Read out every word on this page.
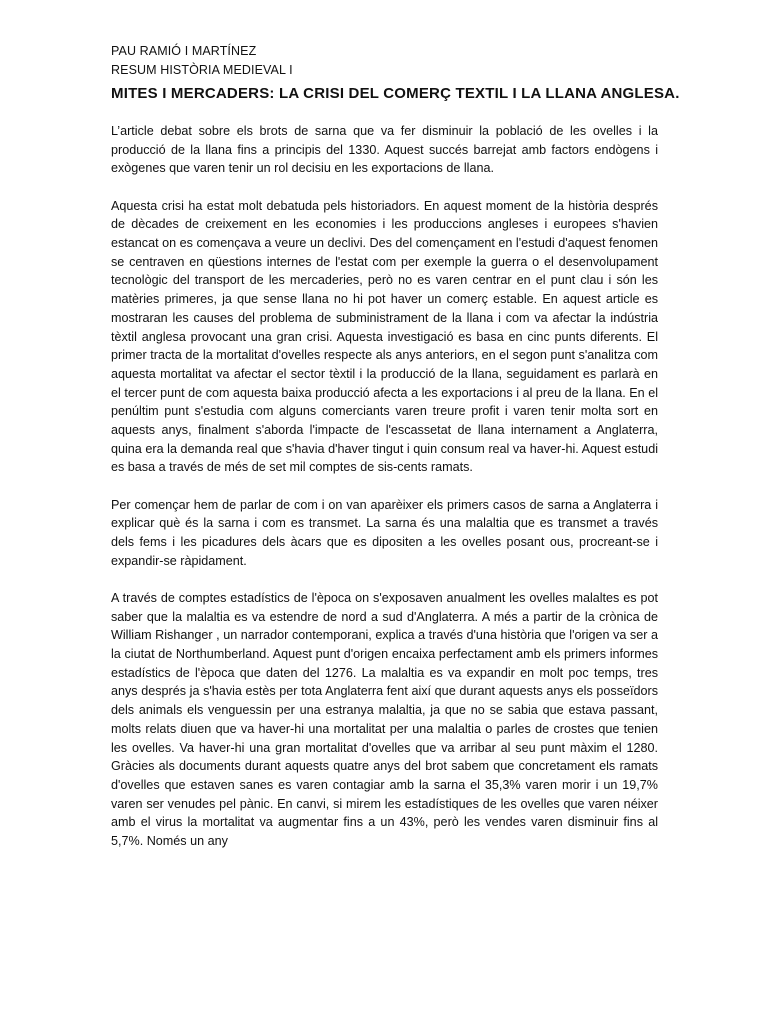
PAU RAMIÓ I MARTÍNEZ

RESUM HISTÒRIA MEDIEVAL I

MITES I MERCADERS: LA CRISI DEL COMERÇ TEXTIL I LA LLANA ANGLESA.

L’article debat sobre els brots de sarna que va fer disminuir la població de les ovelles i la producció de la llana fins a principis del 1330. Aquest succés barrejat amb factors endògens i exògenes que varen tenir un rol decisiu en les exportacions de llana.

Aquesta crisi ha estat molt debatuda pels historiadors. En aquest moment de la història després de dècades de creixement en les economies i les produccions angleses i europees s'havien estancat on es començava a veure un declivi. Des del començament en l'estudi d'aquest fenomen se centraven en qüestions internes de l'estat com per exemple la guerra o el desenvolupament tecnològic del transport de les mercaderies, però no es varen centrar en el punt clau i són les matèries primeres, ja que sense llana no hi pot haver un comerç estable. En aquest article es mostraran les causes del problema de subministrament de la llana i com va afectar la indústria tèxtil anglesa provocant una gran crisi. Aquesta investigació es basa en cinc punts diferents. El primer tracta de la mortalitat d'ovelles respecte als anys anteriors, en el segon punt s'analitza com aquesta mortalitat va afectar el sector tèxtil i la producció de la llana, seguidament es parlarà en el tercer punt de com aquesta baixa producció afecta a les exportacions i al preu de la llana. En el penúltim punt s'estudia com alguns comerciants varen treure profit i varen tenir molta sort en aquests anys, finalment s'aborda l'impacte de l'escassetat de llana internament a Anglaterra, quina era la demanda real que s'havia d'haver tingut i quin consum real va haver-hi. Aquest estudi es basa a través de més de set mil comptes de sis-cents ramats.

Per començar hem de parlar de com i on van aparèixer els primers casos de sarna a Anglaterra i explicar què és la sarna i com es transmet. La sarna és una malaltia que es transmet a través dels fems i les picadures dels àcars que es dipositen a les ovelles posant ous, procreant-se i expandir-se ràpidament.

A través de comptes estadístics de l'època on s'exposaven anualment les ovelles malaltes es pot saber que la malaltia es va estendre de nord a sud d'Anglaterra. A més a partir de la crònica de William Rishanger , un narrador contemporani, explica a través d'una història que l'origen va ser a la ciutat de Northumberland. Aquest punt d'origen encaixa perfectament amb els primers informes estadístics de l'època que daten del 1276. La malaltia es va expandir en molt poc temps, tres anys després ja s'havia estès per tota Anglaterra fent així que durant aquests anys els posseïdors dels animals els venguessin per una estranya malaltia, ja que no se sabia que estava passant, molts relats diuen que va haver-hi una mortalitat per una malaltia o parles de crostes que tenien les ovelles. Va haver-hi una gran mortalitat d'ovelles que va arribar al seu punt màxim el 1280. Gràcies als documents durant aquests quatre anys del brot sabem que concretament els ramats d'ovelles que estaven sanes es varen contagiar amb la sarna el 35,3% varen morir i un 19,7% varen ser venudes pel pànic. En canvi, si mirem les estadístiques de les ovelles que varen néixer amb el virus la mortalitat va augmentar fins a un 43%, però les vendes varen disminuir fins al 5,7%. Només un any
